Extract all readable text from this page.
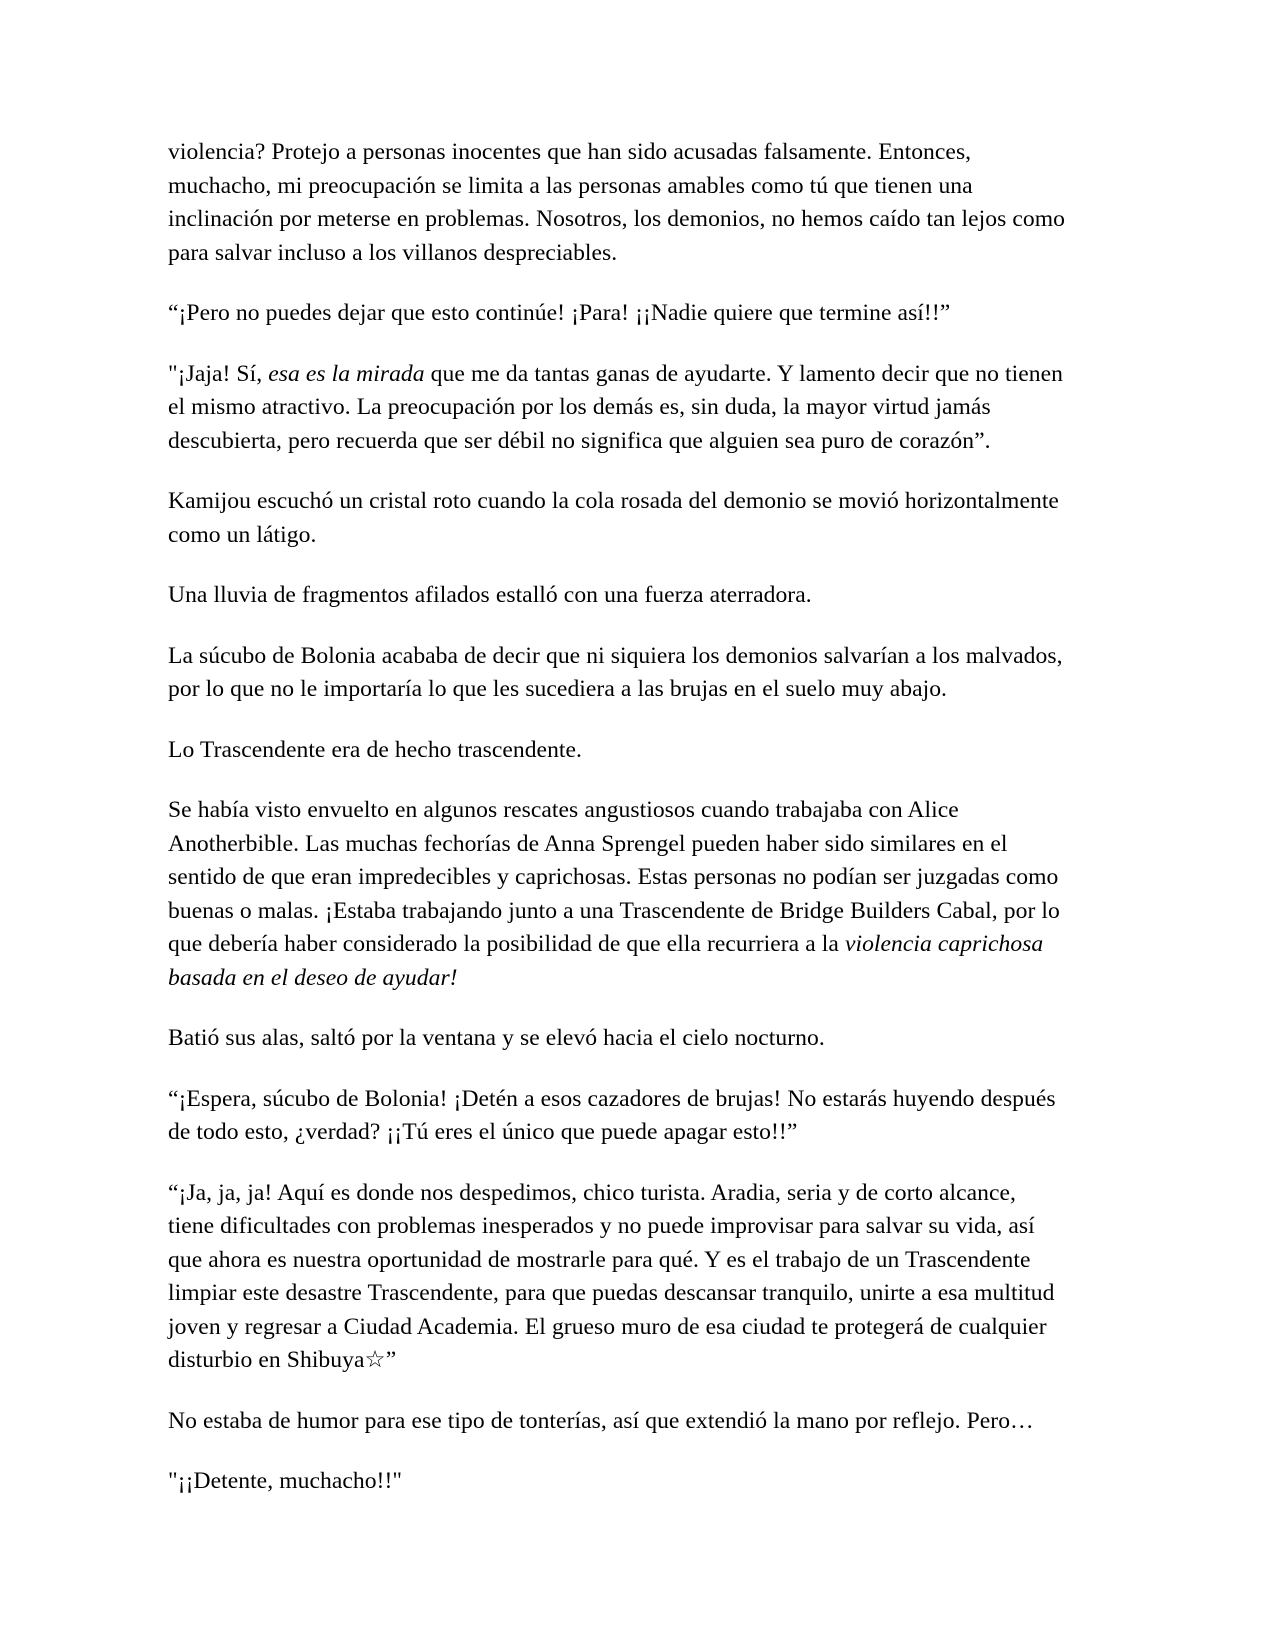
violencia? Protejo a personas inocentes que han sido acusadas falsamente. Entonces, muchacho, mi preocupación se limita a las personas amables como tú que tienen una inclinación por meterse en problemas. Nosotros, los demonios, no hemos caído tan lejos como para salvar incluso a los villanos despreciables.

“¡Pero no puedes dejar que esto continúe! ¡Para! ¡¡Nadie quiere que termine así!!”

"¡Jaja! Sí, esa es la mirada que me da tantas ganas de ayudarte. Y lamento decir que no tienen el mismo atractivo. La preocupación por los demás es, sin duda, la mayor virtud jamás descubierta, pero recuerda que ser débil no significa que alguien sea puro de corazón”.

Kamijou escuchó un cristal roto cuando la cola rosada del demonio se movió horizontalmente como un látigo.

Una lluvia de fragmentos afilados estalló con una fuerza aterradora.

La súcubo de Bolonia acababa de decir que ni siquiera los demonios salvarían a los malvados, por lo que no le importaría lo que les sucediera a las brujas en el suelo muy abajo.

Lo Trascendente era de hecho trascendente.

Se había visto envuelto en algunos rescates angustiosos cuando trabajaba con Alice Anotherbible. Las muchas fechorías de Anna Sprengel pueden haber sido similares en el sentido de que eran impredecibles y caprichosas. Estas personas no podían ser juzgadas como buenas o malas. ¡Estaba trabajando junto a una Trascendente de Bridge Builders Cabal, por lo que debería haber considerado la posibilidad de que ella recurriera a la violencia caprichosa basada en el deseo de ayudar!

Batió sus alas, saltó por la ventana y se elevó hacia el cielo nocturno.

“¡Espera, súcubo de Bolonia! ¡Detén a esos cazadores de brujas! No estarás huyendo después de todo esto, ¿verdad? ¡¡Tú eres el único que puede apagar esto!!”

“¡Ja, ja, ja! Aquí es donde nos despedimos, chico turista. Aradia, seria y de corto alcance, tiene dificultades con problemas inesperados y no puede improvisar para salvar su vida, así que ahora es nuestra oportunidad de mostrarle para qué. Y es el trabajo de un Trascendente limpiar este desastre Trascendente, para que puedas descansar tranquilo, unirte a esa multitud joven y regresar a Ciudad Academia. El grueso muro de esa ciudad te protegerá de cualquier disturbio en Shibuya☆”

No estaba de humor para ese tipo de tonterías, así que extendió la mano por reflejo. Pero…

"¡¡Detente, muchacho!!"
